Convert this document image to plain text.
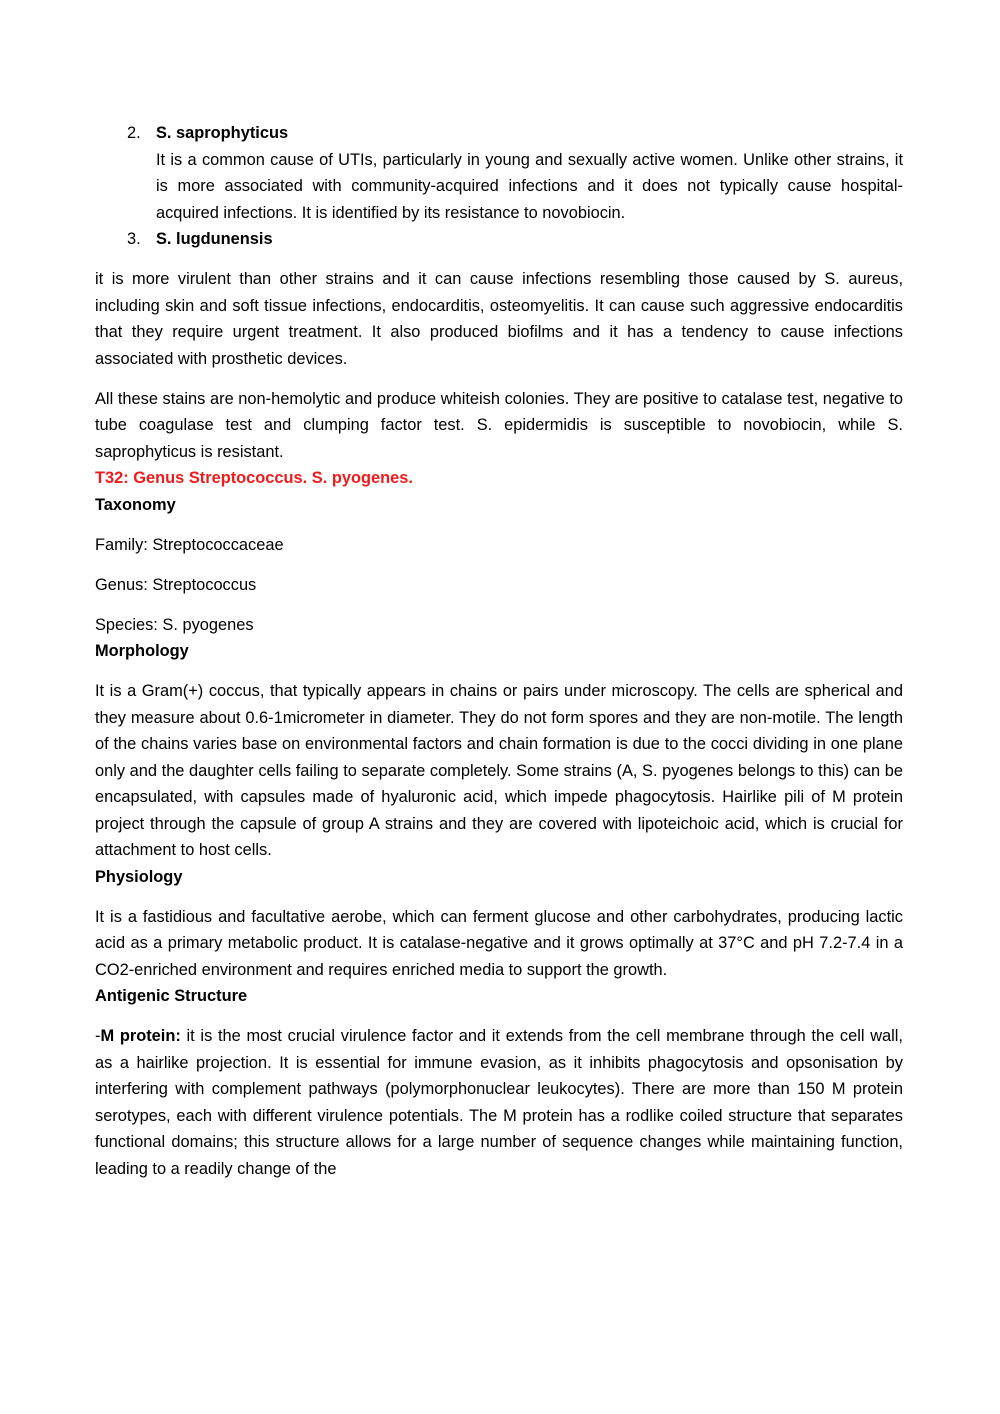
2. S. saprophyticus
It is a common cause of UTIs, particularly in young and sexually active women. Unlike other strains, it is more associated with community-acquired infections and it does not typically cause hospital-acquired infections. It is identified by its resistance to novobiocin.
3. S. lugdunensis

it is more virulent than other strains and it can cause infections resembling those caused by S. aureus, including skin and soft tissue infections, endocarditis, osteomyelitis. It can cause such aggressive endocarditis that they require urgent treatment. It also produced biofilms and it has a tendency to cause infections associated with prosthetic devices.

All these stains are non-hemolytic and produce whiteish colonies. They are positive to catalase test, negative to tube coagulase test and clumping factor test. S. epidermidis is susceptible to novobiocin, while S. saprophyticus is resistant.

T32: Genus Streptococcus. S. pyogenes.

Taxonomy

Family: Streptococcaceae

Genus: Streptococcus

Species: S. pyogenes

Morphology

It is a Gram(+) coccus, that typically appears in chains or pairs under microscopy. The cells are spherical and they measure about 0.6-1micrometer in diameter. They do not form spores and they are non-motile. The length of the chains varies base on environmental factors and chain formation is due to the cocci dividing in one plane only and the daughter cells failing to separate completely. Some strains (A, S. pyogenes belongs to this) can be encapsulated, with capsules made of hyaluronic acid, which impede phagocytosis. Hairlike pili of M protein project through the capsule of group A strains and they are covered with lipoteichoic acid, which is crucial for attachment to host cells.

Physiology

It is a fastidious and facultative aerobe, which can ferment glucose and other carbohydrates, producing lactic acid as a primary metabolic product. It is catalase-negative and it grows optimally at 37°C and pH 7.2-7.4 in a CO2-enriched environment and requires enriched media to support the growth.

Antigenic Structure

-M protein: it is the most crucial virulence factor and it extends from the cell membrane through the cell wall, as a hairlike projection. It is essential for immune evasion, as it inhibits phagocytosis and opsonisation by interfering with complement pathways (polymorphonuclear leukocytes). There are more than 150 M protein serotypes, each with different virulence potentials. The M protein has a rodlike coiled structure that separates functional domains; this structure allows for a large number of sequence changes while maintaining function, leading to a readily change of the
